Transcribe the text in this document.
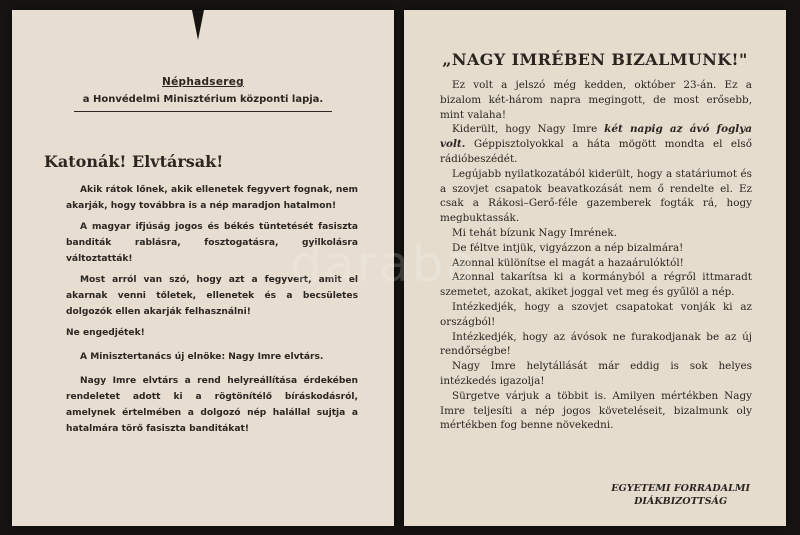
Néphadsereg
a Honvédelmi Minisztérium központi lapja.
Katonák! Elvtársak!

Akik rátok lőnek, akik ellenetek fegyvert fognak, nem akarják, hogy továbbra is a nép maradjon hatalmon!

A magyar ifjúság jogos és békés tüntetését fasiszta banditák rablásra, fosztogatásra, gyilkolásra változtatták!

Most arról van szó, hogy azt a fegyvert, amit el akarnak venni tőletek, ellenetek és a becsületes dolgozók ellen akarják felhasználni!

Ne engedjétek!

A Minisztertanács új elnöke: Nagy Imre elvtárs.

Nagy Imre elvtárs a rend helyreállítása érdekében rendeletet adott ki a rögtönítélő bíráskodásról, amelynek értelmében a dolgozó nép halállal sujtja a hatalmára törő fasiszta banditákat!

„NAGY IMRÉBEN BIZALMUNK!"

Ez volt a jelszó még kedden, október 23-án. Ez a bizalom két-három napra megingott, de most erősebb, mint valaha!

Kiderült, hogy Nagy Imre két napig az ávó foglya volt. Géppisztolyokkal a háta mögött mondta el első rádióbeszédét.

Legújabb nyilatkozatából kiderült, hogy a statáriumot és a szovjet csapatok beavatkozását nem ő rendelte el. Ez csak a Rákosi–Gerő-féle gazemberek fogták rá, hogy megbuktassák.

Mi tehát bízunk Nagy Imrének.

De féltve intjük, vigyázzon a nép bizalmára!

Azonnal különítse el magát a hazaárulóktól!

Azonnal takarítsa ki a kormányból a régről ittmaradt szemetet, azokat, akiket joggal vet meg és gyűlöl a nép.

Intézkedjék, hogy a szovjet csapatokat vonják ki az országból!

Intézkedjék, hogy az ávósok ne furakodjanak be az új rendőrségbe!

Nagy Imre helytállását már eddig is sok helyes intézkedés igazolja!

Sürgetve várjuk a többit is. Amilyen mértékben Nagy Imre teljesíti a nép jogos követeléseit, bizalmunk oly mértékben fog benne növekedni.

EGYETEMI FORRADALMI
DIÁKBIZOTTSÁG
